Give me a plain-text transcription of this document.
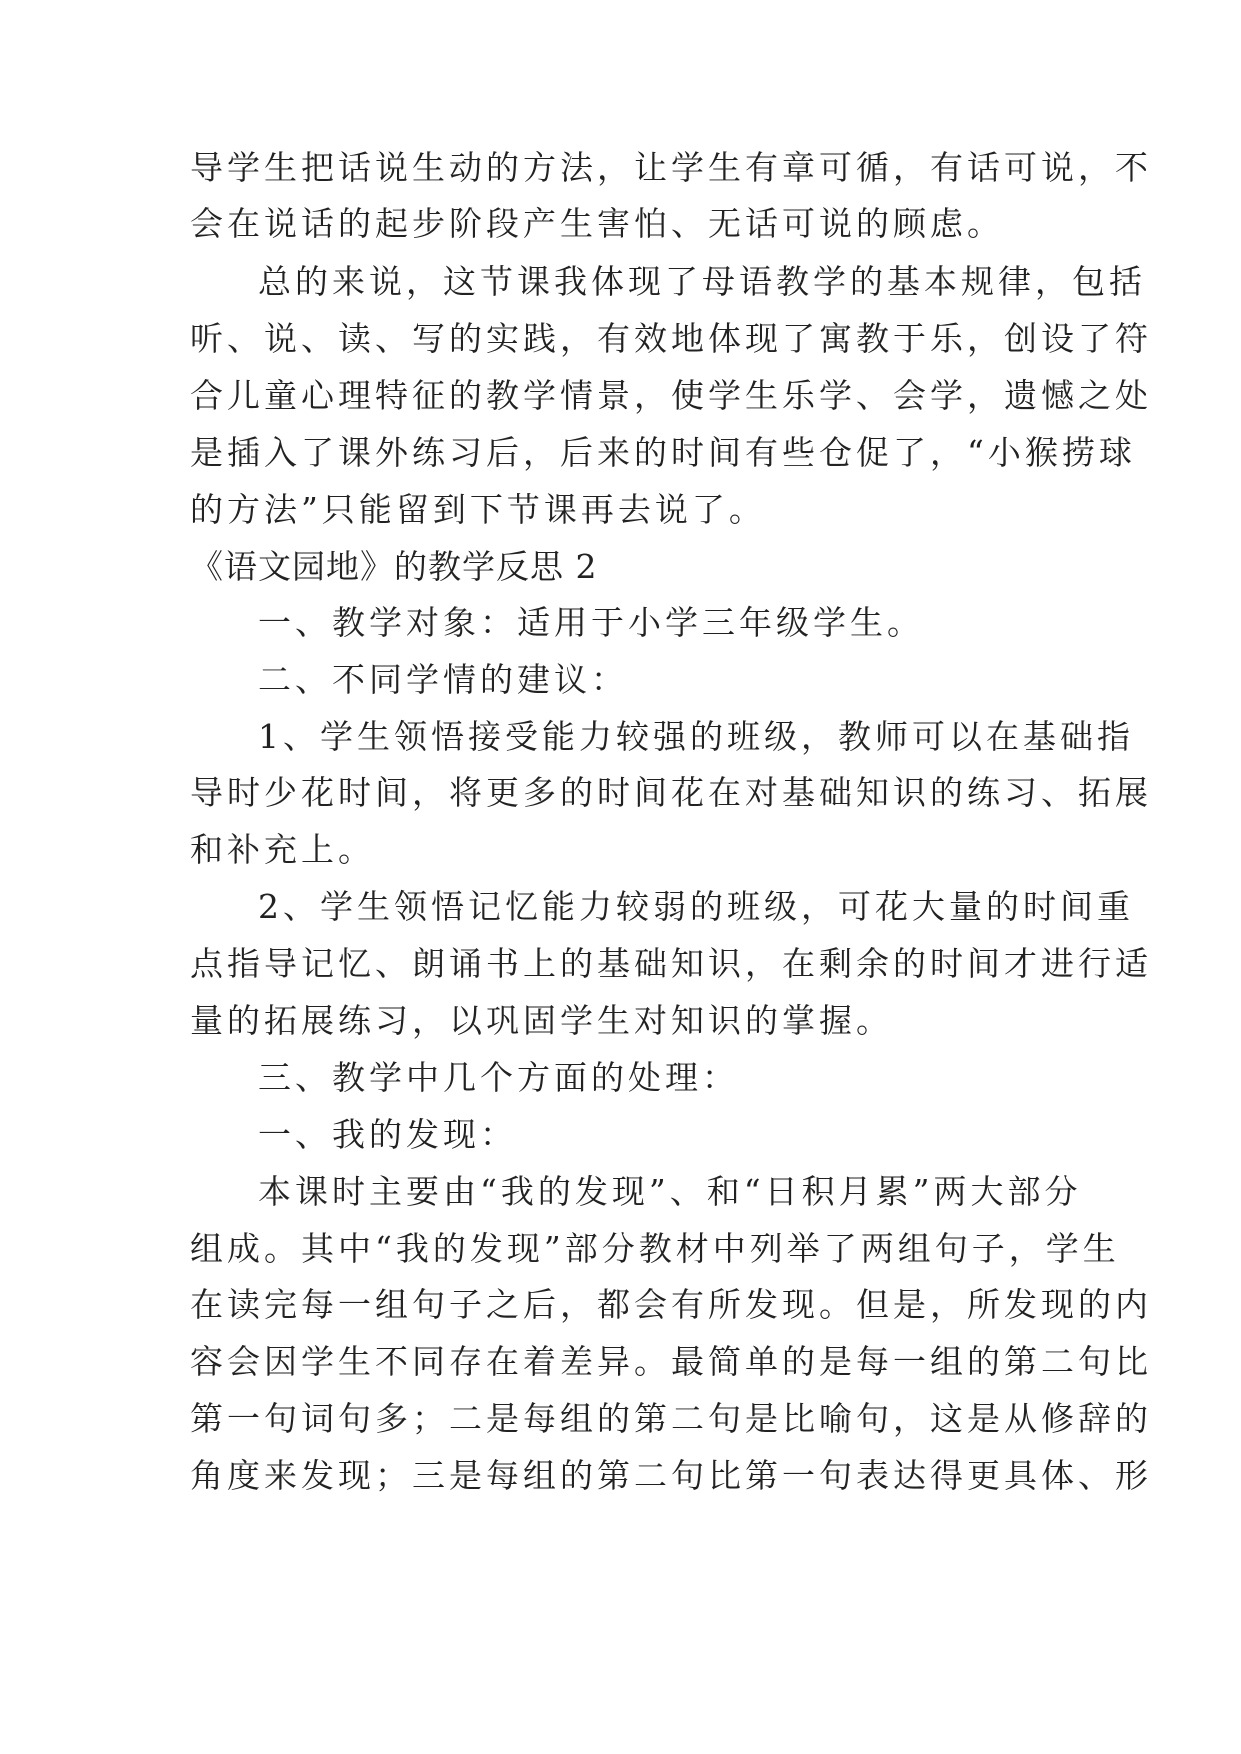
导学生把话说生动的方法，让学生有章可循，有话可说，不
会在说话的起步阶段产生害怕、无话可说的顾虑。
总的来说，这节课我体现了母语教学的基本规律，包括
听、说、读、写的实践，有效地体现了寓教于乐，创设了符
合儿童心理特征的教学情景，使学生乐学、会学，遗憾之处
是插入了课外练习后，后来的时间有些仓促了，“小猴捞球
的方法”只能留到下节课再去说了。
《语文园地》的教学反思 2
一、教学对象：适用于小学三年级学生。
二、不同学情的建议：
1、学生领悟接受能力较强的班级，教师可以在基础指
导时少花时间，将更多的时间花在对基础知识的练习、拓展
和补充上。
2、学生领悟记忆能力较弱的班级，可花大量的时间重
点指导记忆、朗诵书上的基础知识，在剩余的时间才进行适
量的拓展练习，以巩固学生对知识的掌握。
三、教学中几个方面的处理：
一、我的发现：
本课时主要由“我的发现”、和“日积月累”两大部分
组成。其中“我的发现”部分教材中列举了两组句子，学生
在读完每一组句子之后，都会有所发现。但是，所发现的内
容会因学生不同存在着差异。最简单的是每一组的第二句比
第一句词句多；二是每组的第二句是比喻句，这是从修辞的
角度来发现；三是每组的第二句比第一句表达得更具体、形
